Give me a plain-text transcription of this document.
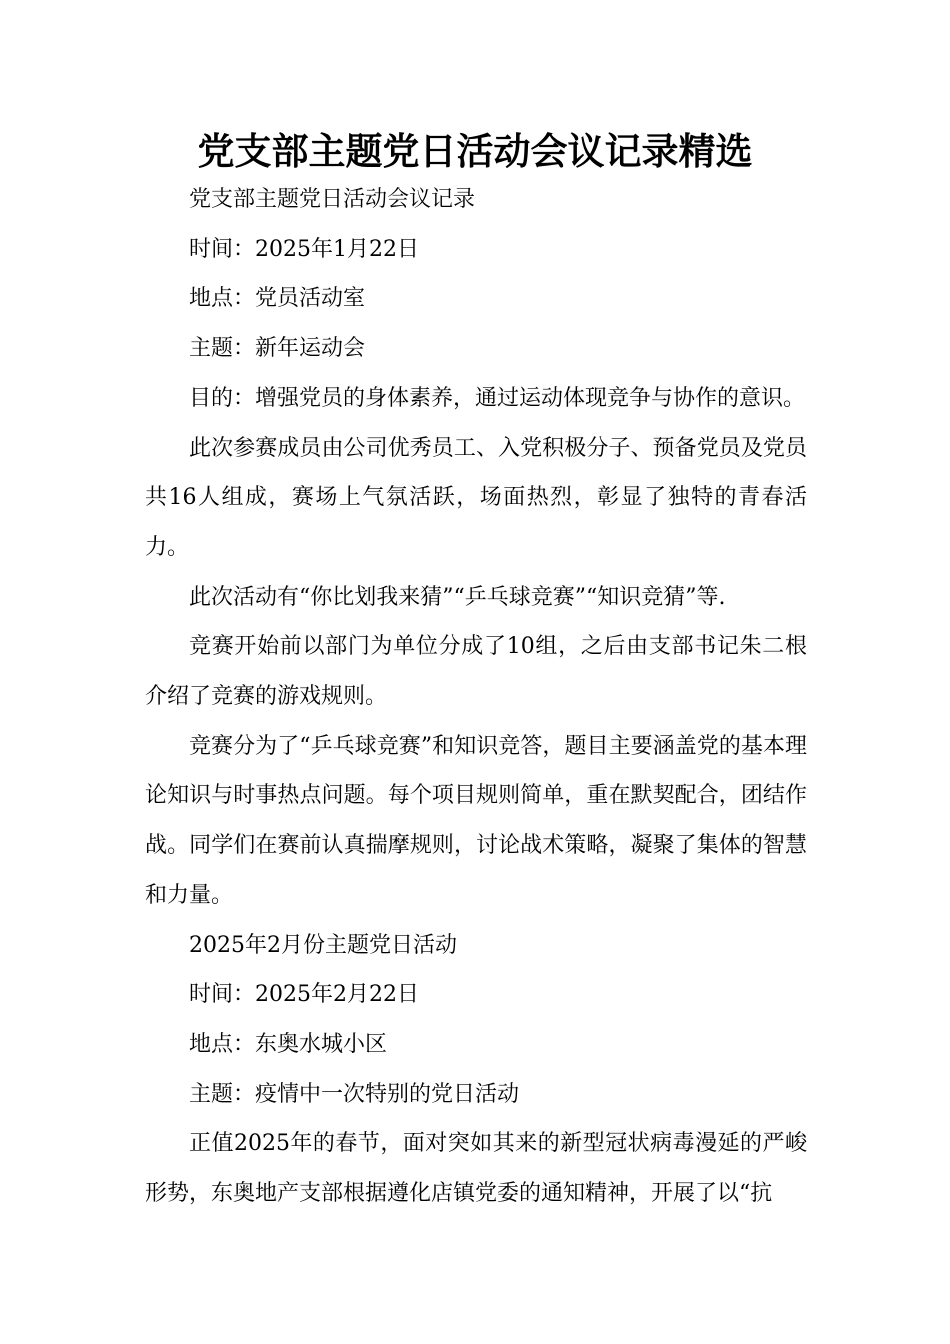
党支部主题党日活动会议记录精选

党支部主题党日活动会议记录

时间：2025年1月22日

地点：党员活动室

主题：新年运动会

目的：增强党员的身体素养，通过运动体现竞争与协作的意识。

此次参赛成员由公司优秀员工、入党积极分子、预备党员及党员共16人组成，赛场上气氛活跃，场面热烈，彰显了独特的青春活力。

此次活动有“你比划我来猜”“乒乓球竞赛”“知识竞猜”等.

竞赛开始前以部门为单位分成了10组，之后由支部书记朱二根介绍了竞赛的游戏规则。

竞赛分为了“乒乓球竞赛”和知识竞答，题目主要涵盖党的基本理论知识与时事热点问题。每个项目规则简单，重在默契配合，团结作战。同学们在赛前认真揣摩规则，讨论战术策略，凝聚了集体的智慧和力量。

2025年2月份主题党日活动

时间：2025年2月22日

地点：东奥水城小区

主题：疫情中一次特别的党日活动

正值2025年的春节，面对突如其来的新型冠状病毒漫延的严峻形势，东奥地产支部根据遵化店镇党委的通知精神，开展了以“抗
